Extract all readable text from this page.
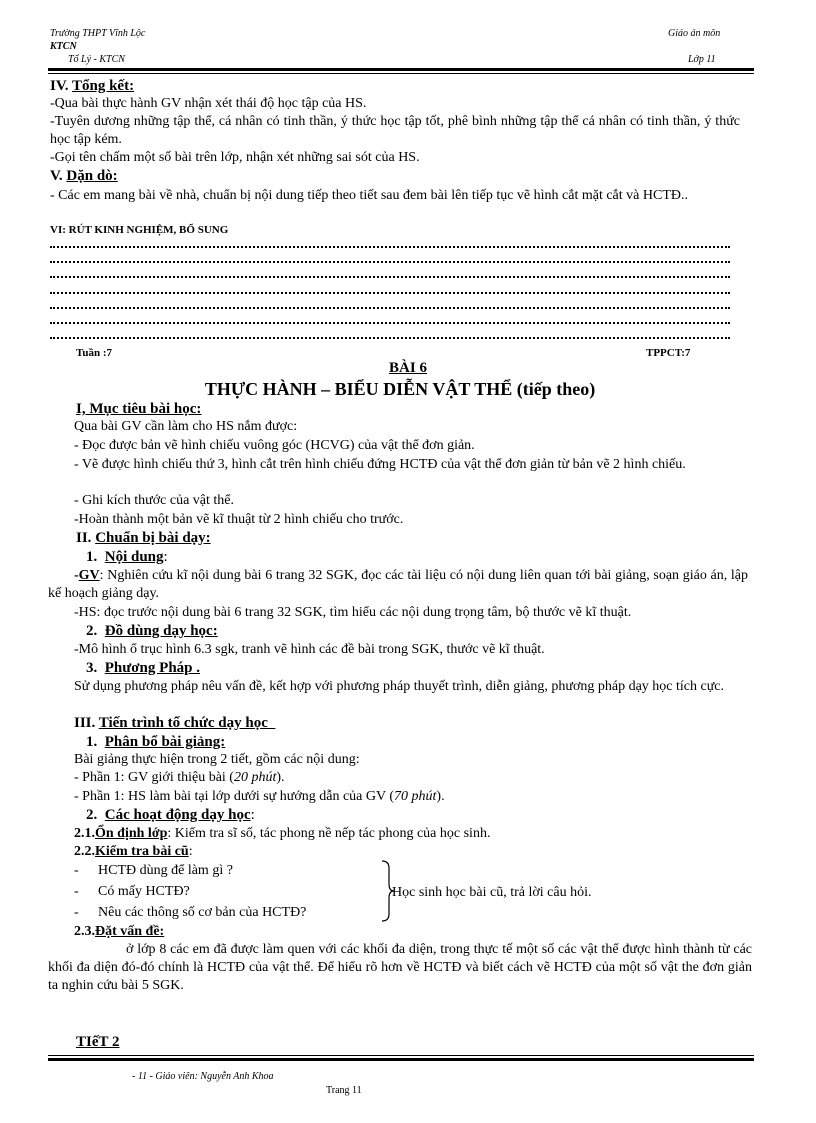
Trường THPT Vĩnh Lộc	Giáo án môn
KTCN
Tổ Lý - KTCN	Lớp 11
IV. Tổng kết:
-Qua bài thực hành GV nhận xét thái độ học tập của HS.
-Tuyên dương những tập thể, cá nhân có tinh thần, ý thức học tập tốt, phê bình những tập thể cá nhân có tinh thần, ý thức học tập kém.
-Gọi tên chấm một số bài trên lớp, nhận xét những sai sót của HS.
V. Dặn dò:
- Các em mang bài về nhà, chuẩn bị nội dung tiếp theo tiết sau đem bài lên tiếp tục vẽ hình cắt mặt cắt và HCTĐ..
VI: RÚT KINH NGHIỆM, BỔ SUNG
Tuần :7	TPPCT:7
BÀI 6
THỰC HÀNH – BIỂU DIỄN VẬT THỂ (tiếp theo)
I, Mục tiêu bài học:
Qua bài GV cần làm cho HS nắm được:
- Đọc được bản vẽ hình chiếu vuông góc (HCVG) của vật thể đơn giản.
- Vẽ được hình chiếu thứ 3, hình cắt trên hình chiếu đứng HCTĐ của vật thể đơn giản từ bản vẽ 2 hình chiếu.
- Ghi kích thước của vật thể.
-Hoàn thành một bản vẽ kĩ thuật từ 2 hình chiếu cho trước.
II. Chuẩn bị bài dạy:
1. Nội dung:
-GV: Nghiên cứu kĩ nội dung bài 6 trang 32 SGK, đọc các tài liệu có nội dung liên quan tới bài giảng, soạn giáo án, lập kế hoạch giảng dạy.
-HS: đọc trước nội dung bài 6 trang 32 SGK, tìm hiểu các nội dung trọng tâm, bộ thước vẽ kĩ thuật.
2. Đồ dùng dạy học:
-Mô hình ổ trục hình 6.3 sgk, tranh vẽ hình các đề bài trong SGK, thước vẽ kĩ thuật.
3. Phương Pháp .
Sử dụng phương pháp nêu vấn đề, kết hợp với phương pháp thuyết trình, diễn giảng, phương pháp dạy học tích cực.
III. Tiến trình tổ chức dạy học
1. Phân bổ bài giảng:
Bài giảng thực hiện trong 2 tiết, gồm các nội dung:
- Phần 1: GV giới thiệu bài (20 phút).
- Phần 1: HS làm bài tại lớp dưới sự hướng dẫn của GV (70 phút).
2. Các hoạt động dạy học:
2.1.Ổn định lớp: Kiểm tra sĩ số, tác phong nề nếp tác phong của học sinh.
2.2.Kiểm tra bài cũ:
- HCTĐ dùng để làm gì ?
- Có mấy HCTĐ?
- Nêu các thông số cơ bản của HCTĐ?
Học sinh học bài cũ, trả lời câu hỏi.
2.3.Đặt vấn đề:
ở lớp 8 các em đã được làm quen với các khối đa diện, trong thực tế một số các vật thể được hình thành từ các khối đa diện đó-đó chính là HCTĐ của vật thể. Để hiểu rõ hơn về HCTĐ và biết cách vẽ HCTĐ của một số vật the đơn giản ta nghin cứu bài 5 SGK.
TIếT 2
- 11 - Giáo viên: Nguyễn Anh Khoa
Trang 11
